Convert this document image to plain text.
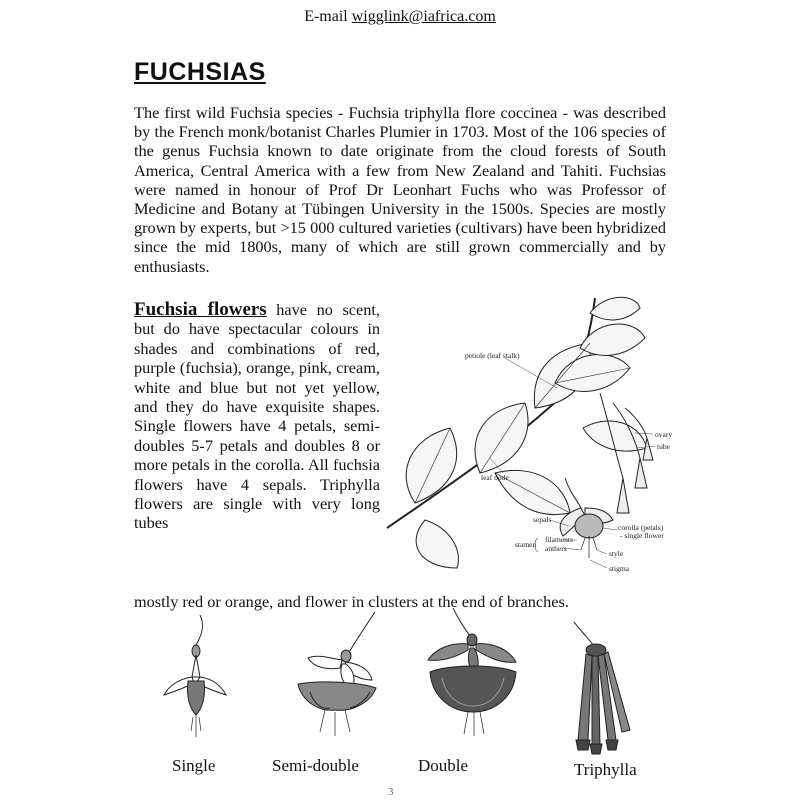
E-mail wigglink@iafrica.com
FUCHSIAS

The first wild Fuchsia species - Fuchsia triphylla flore coccinea - was described by the French monk/botanist Charles Plumier in 1703. Most of the 106 species of the genus Fuchsia known to date originate from the cloud forests of South America, Central America with a few from New Zealand and Tahiti. Fuchsias were named in honour of Prof Dr Leonhart Fuchs who was Professor of Medicine and Botany at Tübingen University in the 1500s. Species are mostly grown by experts, but >15 000 cultured varieties (cultivars) have been hybridized since the mid 1800s, many of which are still grown commercially and by enthusiasts.

Fuchsia flowers have no scent, but do have spectacular colours in shades and combinations of red, purple (fuchsia), orange, pink, cream, white and blue but not yet yellow, and they do have exquisite shapes. Single flowers have 4 petals, semi-doubles 5-7 petals and doubles 8 or more petals in the corolla. All fuchsia flowers have 4 sepals. Triphylla flowers are single with very long tubes

mostly red or orange, and flower in clusters at the end of branches.

petiole (leaf stalk)
leaf node
ovary
tube
sepals
corolla (petals)
- single flower
stamen
filaments
anthers
style
stigma
Single	Semi-double	Double	Triphylla
3
